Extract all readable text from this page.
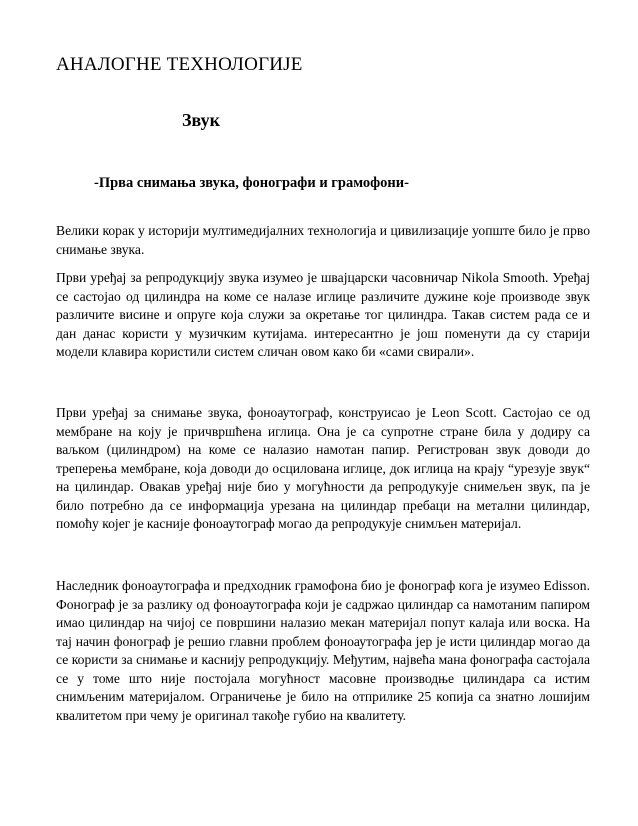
АНАЛОГНЕ ТЕХНОЛОГИЈЕ
Звук
-Прва снимања звука, фонографи и грамофони-

Велики корак у историји мултимедијалних технологија и цивилизације уопште било је прво снимање звука.

Први уређај за репродукцију звука изумео је швајцарски часовничар Nikola Smooth. Уређај се састојао од цилиндра на коме се налазе иглице различите дужине које производе звук различите висине и опруге која служи за окретање тог цилиндра. Такав систем рада се и дан данас користи у музичким кутијама. интересантно је још поменути да су старији модели клавира користили систем сличан овом како би «сами свирали».

Први уређај за снимање звука, фоноаутограф, конструисао је Leon Scott. Састојао се од мембране на коју је причвршћена иглица. Она је са супротне стране била у додиру са ваљком (цилиндром) на коме се налазио намотан папир. Регистрован звук доводи до треперења мембране, која доводи до осцилована иглице, док иглица на крају “урезује звук“ на цилиндар. Овакав уређај није био у могућности да репродукује снимељен звук, па је било потребно да се информација урезана на цилиндар пребаци на метални цилиндар, помоћу којег је касније фоноаутограф могао да репродукује снимљен материјал.

Наследник фоноаутографа и предходник грамофона био је фонограф кога је изумео Edisson. Фонограф је за разлику од фоноаутографа који је садржао цилиндар са намотаним папиром имао цилиндар на чијој се површини налазио мекан материјал попут калаја или воска. На тај начин фонограф је решио главни проблем фоноаутографа јер је исти цилиндар могао да се користи за снимање и каснију репродукцију. Међутим, највећа мана фонографа састојала се у томе што није постојала могућност масовне производње цилиндара са истим снимљеним материјалом. Ограничење је било на отприлике 25 копија са знатно лошијим квалитетом при чему је оригинал такође губио на квалитету.
